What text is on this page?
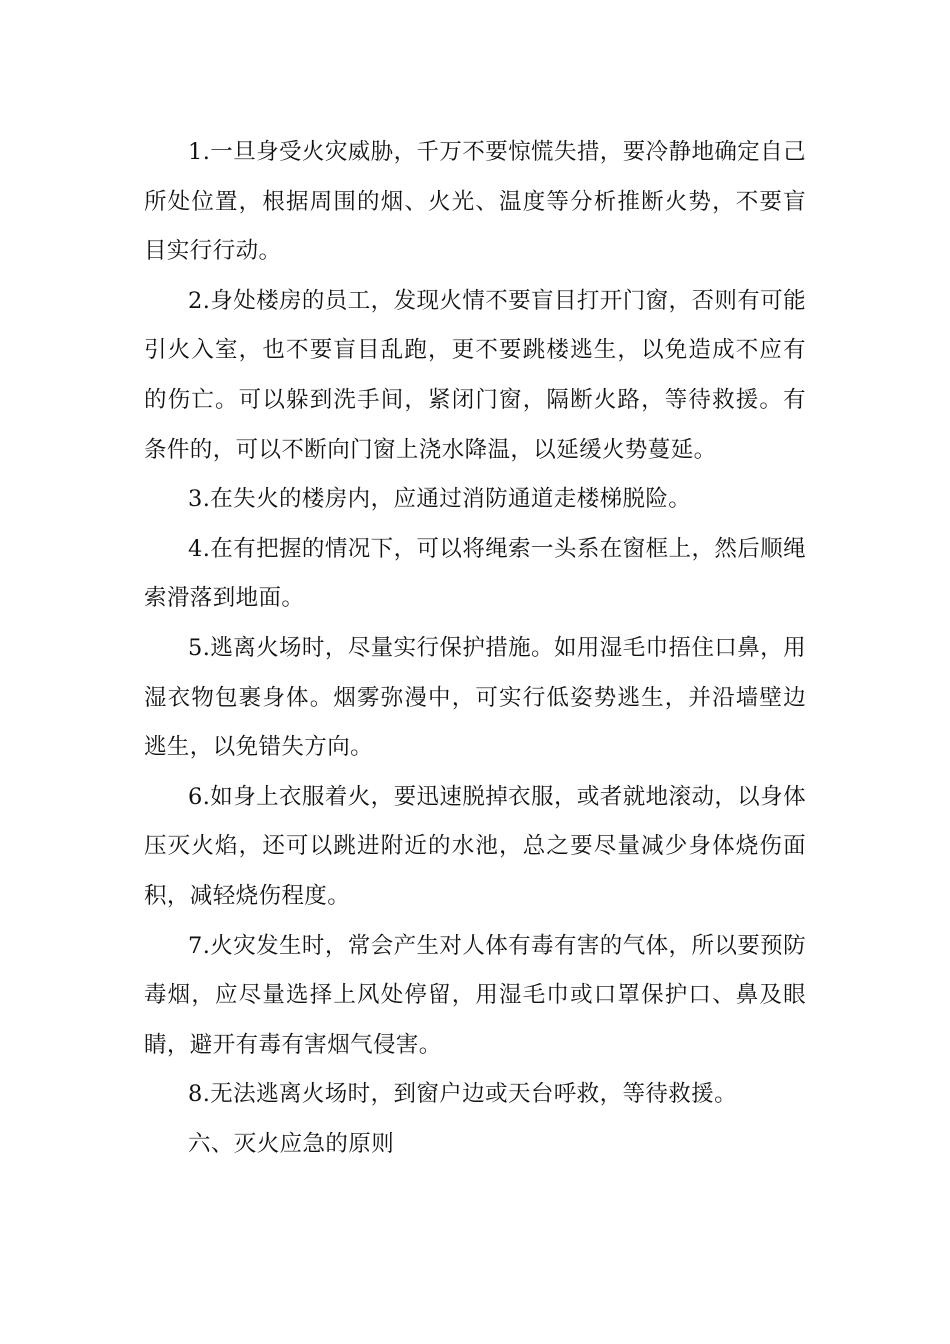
1.一旦身受火灾威胁，千万不要惊慌失措，要冷静地确定自己所处位置，根据周围的烟、火光、温度等分析推断火势，不要盲目实行行动。

2.身处楼房的员工，发现火情不要盲目打开门窗，否则有可能引火入室，也不要盲目乱跑，更不要跳楼逃生，以免造成不应有的伤亡。可以躲到洗手间，紧闭门窗，隔断火路，等待救援。有条件的，可以不断向门窗上浇水降温，以延缓火势蔓延。

3.在失火的楼房内，应通过消防通道走楼梯脱险。

4.在有把握的情况下，可以将绳索一头系在窗框上，然后顺绳索滑落到地面。

5.逃离火场时，尽量实行保护措施。如用湿毛巾捂住口鼻，用湿衣物包裹身体。烟雾弥漫中，可实行低姿势逃生，并沿墙壁边逃生，以免错失方向。

6.如身上衣服着火，要迅速脱掉衣服，或者就地滚动，以身体压灭火焰，还可以跳进附近的水池，总之要尽量减少身体烧伤面积，减轻烧伤程度。

7.火灾发生时，常会产生对人体有毒有害的气体，所以要预防毒烟，应尽量选择上风处停留，用湿毛巾或口罩保护口、鼻及眼睛，避开有毒有害烟气侵害。

8.无法逃离火场时，到窗户边或天台呼救，等待救援。

六、灭火应急的原则
